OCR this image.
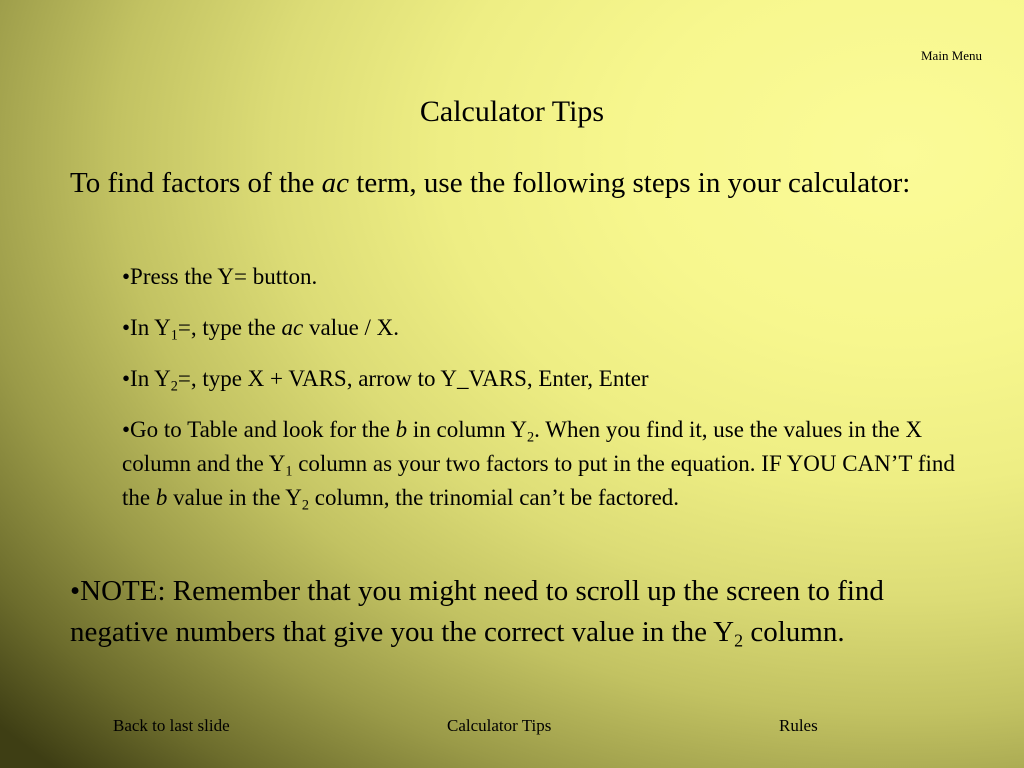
Main Menu
Calculator Tips

To find factors of the ac term, use the following steps in your calculator:

•Press the Y= button.
•In $Y_1=$, type the ac value / X.
•In $Y_2=$, type X + VARS, arrow to Y_VARS, Enter, Enter
•Go to Table and look for the b in column $Y_2$. When you find it, use the values in the X column and the $Y_1$ column as your two factors to put in the equation. IF YOU CAN’T find the b value in the $Y_2$ column, the trinomial can’t be factored.

•NOTE: Remember that you might need to scroll up the screen to find negative numbers that give you the correct value in the $Y_2$ column.

Back to last slide	Calculator Tips	Rules
